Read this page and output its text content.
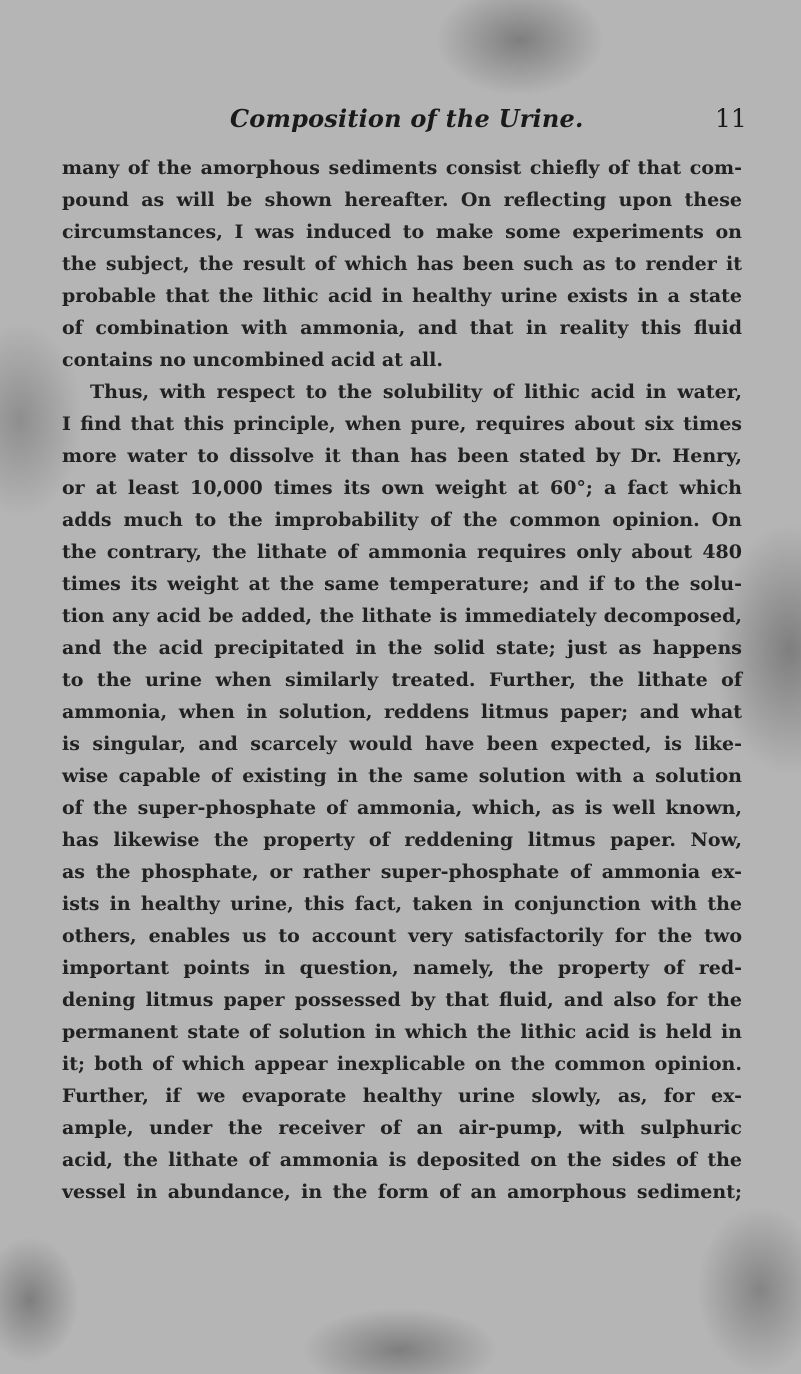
Composition of the Urine.	11
many of the amorphous sediments consist chiefly of that com-
pound as will be shown hereafter. On reflecting upon these
circumstances, I was induced to make some experiments on
the subject, the result of which has been such as to render it
probable that the lithic acid in healthy urine exists in a state
of combination with ammonia, and that in reality this fluid
contains no uncombined acid at all.
Thus, with respect to the solubility of lithic acid in water,
I find that this principle, when pure, requires about six times
more water to dissolve it than has been stated by Dr. Henry,
or at least 10,000 times its own weight at 60°; a fact which
adds much to the improbability of the common opinion. On
the contrary, the lithate of ammonia requires only about 480
times its weight at the same temperature; and if to the solu-
tion any acid be added, the lithate is immediately decomposed,
and the acid precipitated in the solid state; just as happens
to the urine when similarly treated. Further, the lithate of
ammonia, when in solution, reddens litmus paper; and what
is singular, and scarcely would have been expected, is like-
wise capable of existing in the same solution with a solution
of the super-phosphate of ammonia, which, as is well known,
has likewise the property of reddening litmus paper. Now,
as the phosphate, or rather super-phosphate of ammonia ex-
ists in healthy urine, this fact, taken in conjunction with the
others, enables us to account very satisfactorily for the two
important points in question, namely, the property of red-
dening litmus paper possessed by that fluid, and also for the
permanent state of solution in which the lithic acid is held in
it; both of which appear inexplicable on the common opinion.
Further, if we evaporate healthy urine slowly, as, for ex-
ample, under the receiver of an air-pump, with sulphuric
acid, the lithate of ammonia is deposited on the sides of the
vessel in abundance, in the form of an amorphous sediment;
